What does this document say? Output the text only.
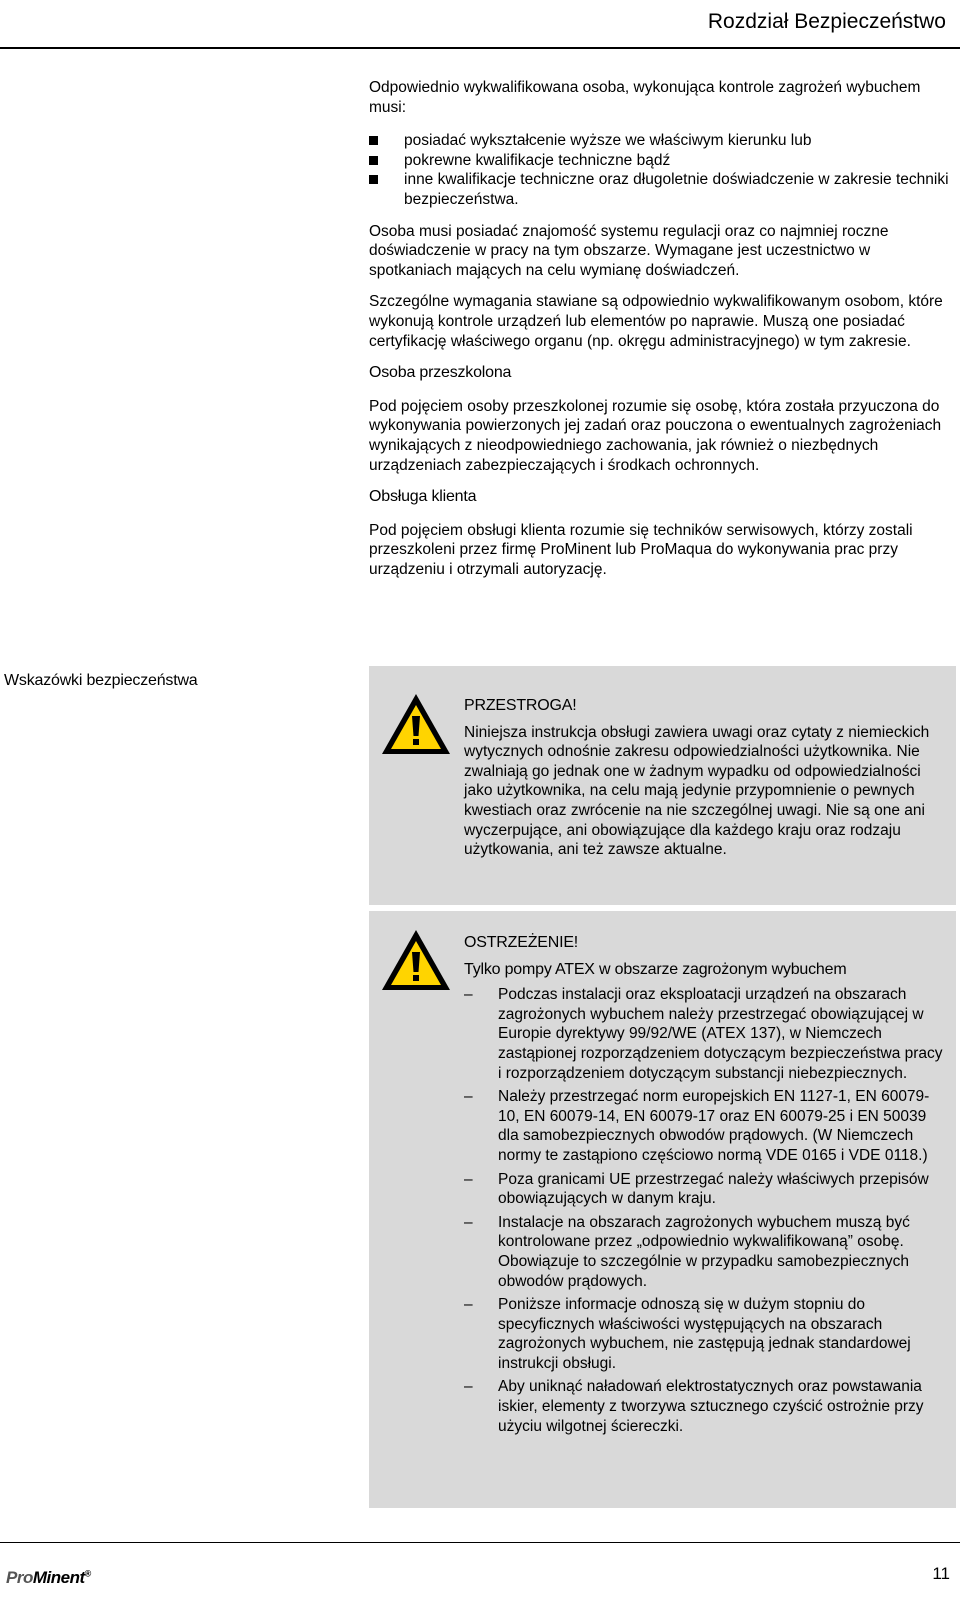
Rozdział Bezpieczeństwo

Odpowiednio wykwalifikowana osoba, wykonująca kontrole zagrożeń wybuchem musi:

posiadać wykształcenie wyższe we właściwym kierunku lub
pokrewne kwalifikacje techniczne bądź
inne kwalifikacje techniczne oraz długoletnie doświadczenie w zakresie techniki bezpieczeństwa.

Osoba musi posiadać znajomość systemu regulacji oraz co najmniej roczne doświadczenie w pracy na tym obszarze. Wymagane jest uczestnictwo w spotkaniach mających na celu wymianę doświadczeń.

Szczególne wymagania stawiane są odpowiednio wykwalifikowanym osobom, które wykonują kontrole urządzeń lub elementów po naprawie. Muszą one posiadać certyfikację właściwego organu (np. okręgu administracyjnego) w tym zakresie.

Osoba przeszkolona

Pod pojęciem osoby przeszkolonej rozumie się osobę, która została przyuczona do wykonywania powierzonych jej zadań oraz pouczona o ewentualnych zagrożeniach wynikających z nieodpowiedniego zachowania, jak również o niezbędnych urządzeniach zabezpieczających i środkach ochronnych.

Obsługa klienta

Pod pojęciem obsługi klienta rozumie się techników serwisowych, którzy zostali przeszkoleni przez firmę ProMinent lub ProMaqua do wykonywania prac przy urządzeniu i otrzymali autoryzację.

Wskazówki bezpieczeństwa
PRZESTROGA!
Niniejsza instrukcja obsługi zawiera uwagi oraz cytaty z niemieckich wytycznych odnośnie zakresu odpowiedzialności użytkownika. Nie zwalniają go jednak one w żadnym wypadku od odpowiedzialności jako użytkownika, na celu mają jedynie przypomnienie o pewnych kwestiach oraz zwrócenie na nie szczególnej uwagi. Nie są one ani wyczerpujące, ani obowiązujące dla każdego kraju oraz rodzaju użytkowania, ani też zawsze aktualne.
OSTRZEŻENIE!
Tylko pompy ATEX w obszarze zagrożonym wybuchem
– Podczas instalacji oraz eksploatacji urządzeń na obszarach zagrożonych wybuchem należy przestrzegać obowiązującej w Europie dyrektywy 99/92/WE (ATEX 137), w Niemczech zastąpionej rozporządzeniem dotyczącym bezpieczeństwa pracy i rozporządzeniem dotyczącym substancji niebezpiecznych.
– Należy przestrzegać norm europejskich EN 1127-1, EN 60079-10, EN 60079-14, EN 60079-17 oraz EN 60079-25 i EN 50039 dla samobezpiecznych obwodów prądowych. (W Niemczech normy te zastąpiono częściowo normą VDE 0165 i VDE 0118.)
– Poza granicami UE przestrzegać należy właściwych przepisów obowiązujących w danym kraju.
– Instalacje na obszarach zagrożonych wybuchem muszą być kontrolowane przez „odpowiednio wykwalifikowaną” osobę. Obowiązuje to szczególnie w przypadku samobezpiecznych obwodów prądowych.
– Poniższe informacje odnoszą się w dużym stopniu do specyficznych właściwości występujących na obszarach zagrożonych wybuchem, nie zastępują jednak standardowej instrukcji obsługi.
– Aby uniknąć naładowań elektrostatycznych oraz powstawania iskier, elementy z tworzywa sztucznego czyścić ostrożnie przy użyciu wilgotnej ściereczki.
ProMinent®	11
